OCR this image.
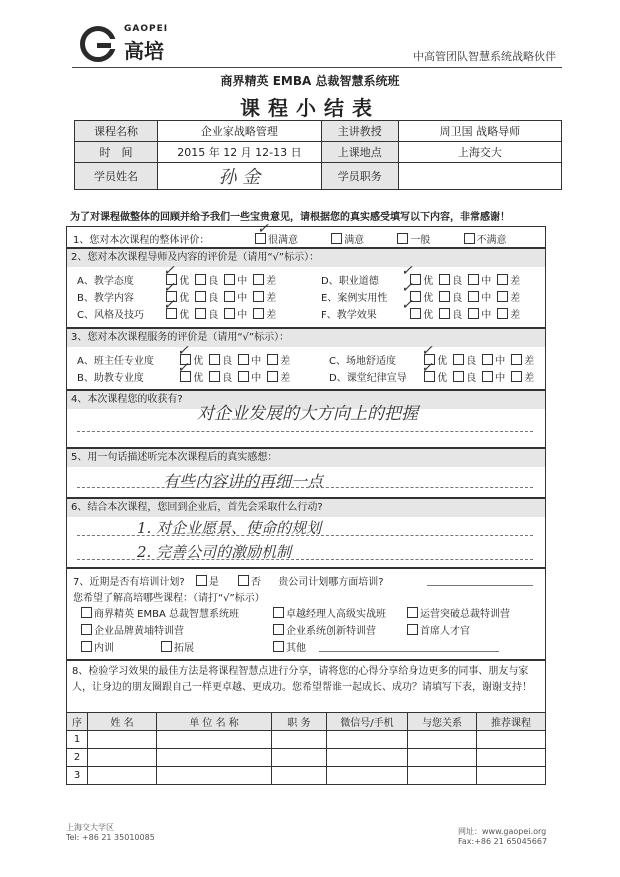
GAOPEI
高培	中高管团队智慧系统战略伙伴
商界精英 EMBA 总裁智慧系统班
课程小结表
课程名称	企业家战略管理	主讲教授	周卫国 战略导师
时　间	2015 年 12 月 12-13 日	上课地点	上海交大
学员姓名	孙 金	学员职务	
为了对课程做整体的回顾并给予我们一些宝贵意见，请根据您的真实感受填写以下内容，非常感谢！
1、您对本次课程的整体评价：	很满意	满意	一般	不满意
✓
2、您对本次课程导师及内容的评价是（请用“√”标示）：
A、教学态度	优 良 中 差
B、教学内容	优 良 中 差
C、风格及技巧	优 良 中 差
D、职业道德	优 良 中 差
E、案例实用性	优 良 中 差
F、教学效果	优 良 中 差
✓
✓
✓
✓
✓
✓
3、您对本次课程服务的评价是（请用“√”标示）：
A、班主任专业度	优 良 中 差
B、助教专业度	优 良 中 差
C、场地舒适度	优 良 中 差
D、课堂纪律宣导	优 良 中 差
✓
✓
✓
✓
4、本次课程您的收获有?
对企业发展的大方向上的把握
5、用一句话描述听完本次课程后的真实感想：
有些内容讲的再细一点
6、结合本次课程，您回到企业后，首先会采取什么行动?
1. 对企业愿景、使命的规划
2. 完善公司的激励机制
7、近期是否有培训计划? 是	否 贵公司计划哪方面培训?
您希望了解高培哪些课程：（请打“√”标示）
商界精英 EMBA 总裁智慧系统班	卓越经理人高级实战班	运营突破总裁特训营
企业品牌黄埔特训营	企业系统创新特训营	首席人才官
内训	拓展	其他
8、检验学习效果的最佳方法是将课程智慧点进行分享，请将您的心得分享给身边更多的同事、朋友与家人，让身边的朋友圈跟自己一样更卓越、更成功。您希望帮谁一起成长、成功？请填写下表，谢谢支持！
序	姓 名	单 位 名 称	职 务	微信号/手机	与您关系	推荐课程
1						
2						
3						
上海交大学区
Tel: +86 21 35010085
网址：www.gaopei.org
Fax:+86 21 65045667
